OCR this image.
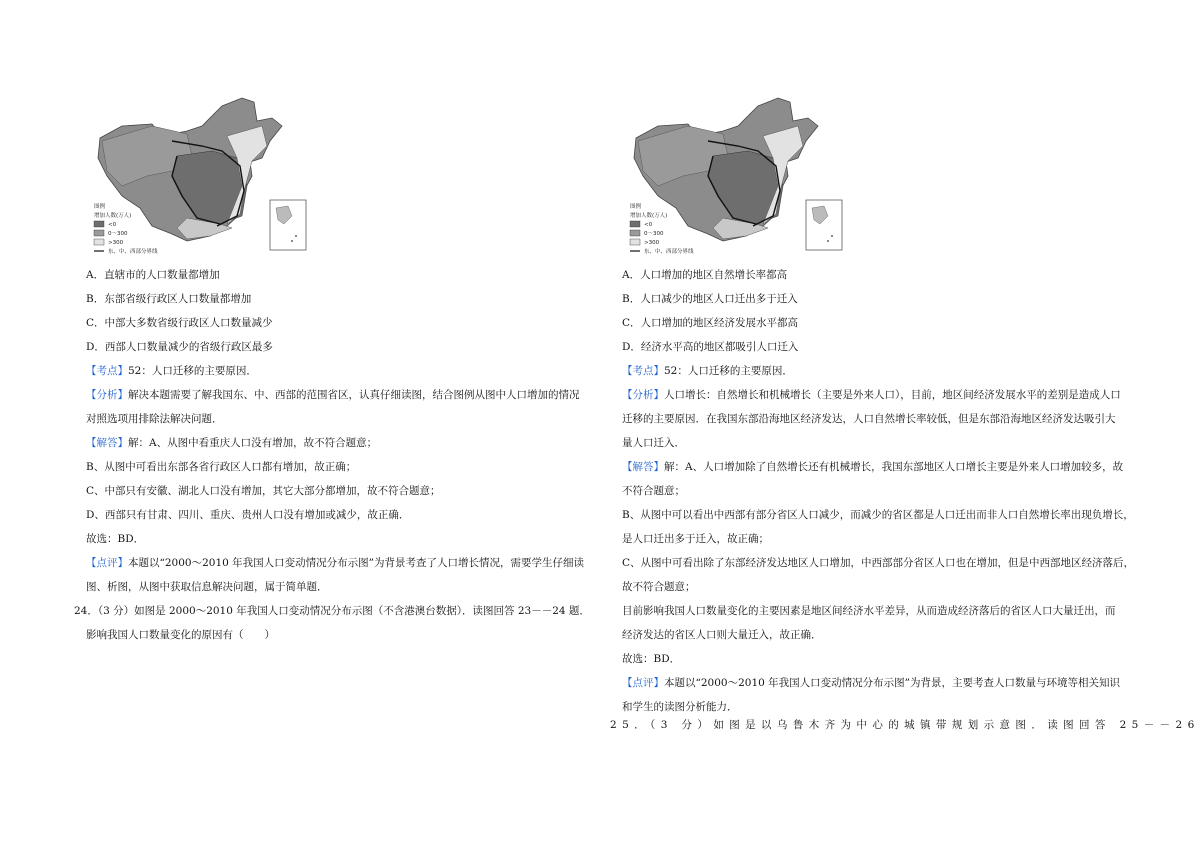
图例
增加人数(万人)
<0
0～300
>300
东、中、西部分界线
A．直辖市的人口数量都增加
B．东部省级行政区人口数量都增加
C．中部大多数省级行政区人口数量减少
D．西部人口数量减少的省级行政区最多
【考点】52：人口迁移的主要原因．
【分析】解决本题需要了解我国东、中、西部的范围省区，认真仔细读图，结合图例从图中人口增加的情况
对照选项用排除法解决问题．
【解答】解：A、从图中看重庆人口没有增加，故不符合题意；
B、从图中可看出东部各省行政区人口都有增加，故正确；
C、中部只有安徽、湖北人口没有增加，其它大部分都增加，故不符合题意；
D、西部只有甘肃、四川、重庆、贵州人口没有增加或减少，故正确．
故选：BD．
【点评】本题以“2000～2010 年我国人口变动情况分布示图”为背景考查了人口增长情况，需要学生仔细读
图、析图，从图中获取信息解决问题，属于简单题．
24．（3 分）如图是 2000～2010 年我国人口变动情况分布示图（不含港澳台数据）．读图回答 23－－24 题．
影响我国人口数量变化的原因有（　　）
图例
增加人数(万人)
<0
0～300
>300
东、中、西部分界线
A．人口增加的地区自然增长率都高
B．人口减少的地区人口迁出多于迁入
C．人口增加的地区经济发展水平都高
D．经济水平高的地区都吸引人口迁入
【考点】52：人口迁移的主要原因．
【分析】人口增长：自然增长和机械增长（主要是外来人口），目前，地区间经济发展水平的差别是造成人口
迁移的主要原因．在我国东部沿海地区经济发达，人口自然增长率较低，但是东部沿海地区经济发达吸引大
量人口迁入．
【解答】解：A、人口增加除了自然增长还有机械增长，我国东部地区人口增长主要是外来人口增加较多，故
不符合题意；
B、从图中可以看出中西部有部分省区人口减少，而减少的省区都是人口迁出而非人口自然增长率出现负增长，
是人口迁出多于迁入，故正确；
C、从图中可看出除了东部经济发达地区人口增加，中西部部分省区人口也在增加，但是中西部地区经济落后，
故不符合题意；
目前影响我国人口数量变化的主要因素是地区间经济水平差异，从而造成经济落后的省区人口大量迁出，而
经济发达的省区人口则大量迁入，故正确．
故选：BD．
【点评】本题以“2000～2010 年我国人口变动情况分布示图”为背景，主要考查人口数量与环境等相关知识
和学生的读图分析能力．
25．（3 分）如图是以乌鲁木齐为中心的城镇带规划示意图．读图回答 25－－26
